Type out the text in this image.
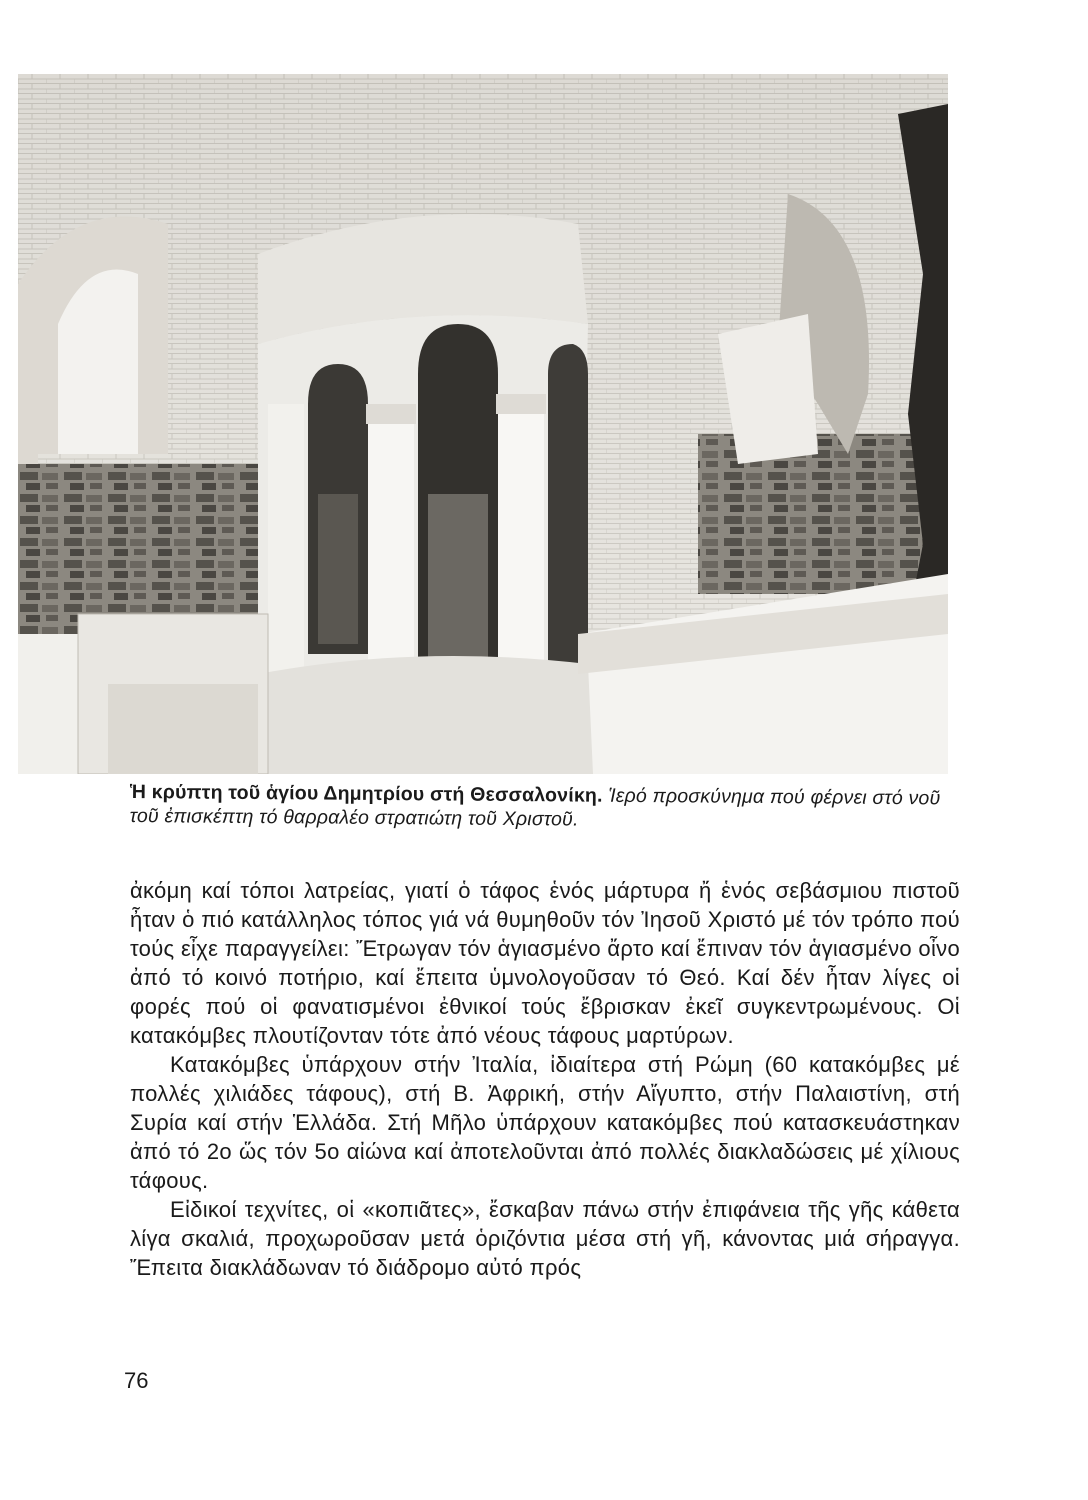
Ἡ κρύπτη τοῦ ἁγίου Δημητρίου στή Θεσσαλονίκη. Ἱερό προσκύνημα πού φέρνει στό νοῦ τοῦ ἐπισκέπτη τό θαρραλέο στρατιώτη τοῦ Χριστοῦ.

ἀκόμη καί τόποι λατρείας, γιατί ὁ τάφος ἑνός μάρτυρα ἤ ἑνός σεβάσμιου πιστοῦ ἦταν ὁ πιό κατάλληλος τόπος γιά νά θυμηθοῦν τόν Ἰησοῦ Χριστό μέ τόν τρόπο πού τούς εἶχε παραγγείλει: Ἔτρωγαν τόν ἁγιασμένο ἄρτο καί ἔπιναν τόν ἁγιασμένο οἶνο ἀπό τό κοινό ποτήριο, καί ἔπειτα ὑμνολογοῦσαν τό Θεό. Καί δέν ἦταν λίγες οἱ φορές πού οἱ φανατισμένοι ἐθνικοί τούς ἔβρισκαν ἐκεῖ συγκεντρωμένους. Οἱ κατακόμβες πλουτίζονταν τότε ἀπό νέους τάφους μαρτύρων.

Κατακόμβες ὑπάρχουν στήν Ἰταλία, ἰδιαίτερα στή Ρώμη (60 κατακόμβες μέ πολλές χιλιάδες τάφους), στή Β. Ἀφρική, στήν Αἴγυπτο, στήν Παλαιστίνη, στή Συρία καί στήν Ἑλλάδα. Στή Μῆλο ὑπάρχουν κατακόμβες πού κατασκευάστηκαν ἀπό τό 2ο ὥς τόν 5ο αἰώνα καί ἀποτελοῦνται ἀπό πολλές διακλαδώσεις μέ χίλιους τάφους.

Εἰδικοί τεχνίτες, οἱ «κοπιᾶτες», ἔσκαβαν πάνω στήν ἐπιφάνεια τῆς γῆς κάθετα λίγα σκαλιά, προχωροῦσαν μετά ὁριζόντια μέσα στή γῆ, κάνοντας μιά σήραγγα. Ἔπειτα διακλάδωναν τό διάδρομο αὐτό πρός

76
